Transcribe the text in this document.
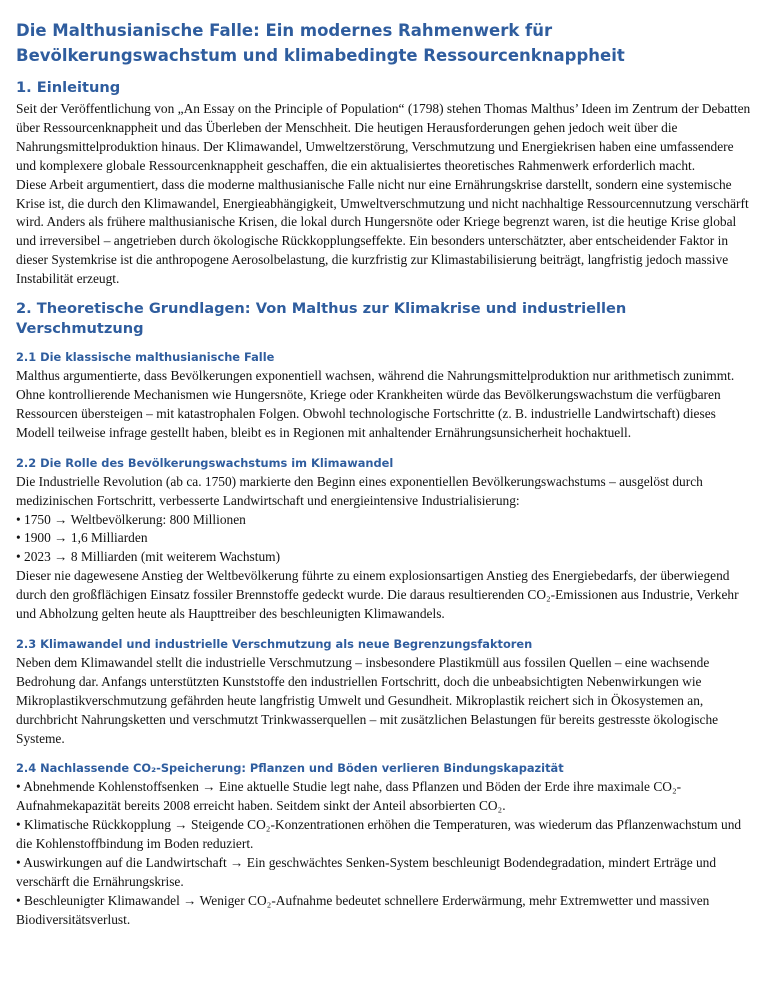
Die Malthusianische Falle: Ein modernes Rahmenwerk für Bevölkerungswachstum und klimabedingte Ressourcenknappheit
1. Einleitung

Seit der Veröffentlichung von „An Essay on the Principle of Population“ (1798) stehen Thomas Malthus’ Ideen im Zentrum der Debatten über Ressourcenknappheit und das Überleben der Menschheit. Die heutigen Herausforderungen gehen jedoch weit über die Nahrungsmittelproduktion hinaus. Der Klimawandel, Umweltzerstörung, Verschmutzung und Energiekrisen haben eine umfassendere und komplexere globale Ressourcenknappheit geschaffen, die ein aktualisiertes theoretisches Rahmenwerk erforderlich macht.

Diese Arbeit argumentiert, dass die moderne malthusianische Falle nicht nur eine Ernährungskrise darstellt, sondern eine systemische Krise ist, die durch den Klimawandel, Energieabhängigkeit, Umweltverschmutzung und nicht nachhaltige Ressourcennutzung verschärft wird. Anders als frühere malthusianische Krisen, die lokal durch Hungersnöte oder Kriege begrenzt waren, ist die heutige Krise global und irreversibel – angetrieben durch ökologische Rückkopplungseffekte. Ein besonders unterschätzter, aber entscheidender Faktor in dieser Systemkrise ist die anthropogene Aerosolbelastung, die kurzfristig zur Klimastabilisierung beiträgt, langfristig jedoch massive Instabilität erzeugt.

2. Theoretische Grundlagen: Von Malthus zur Klimakrise und industriellen Verschmutzung
2.1 Die klassische malthusianische Falle

Malthus argumentierte, dass Bevölkerungen exponentiell wachsen, während die Nahrungsmittelproduktion nur arithmetisch zunimmt. Ohne kontrollierende Mechanismen wie Hungersnöte, Kriege oder Krankheiten würde das Bevölkerungswachstum die verfügbaren Ressourcen übersteigen – mit katastrophalen Folgen. Obwohl technologische Fortschritte (z. B. industrielle Landwirtschaft) dieses Modell teilweise infrage gestellt haben, bleibt es in Regionen mit anhaltender Ernährungsunsicherheit hochaktuell.

2.2 Die Rolle des Bevölkerungswachstums im Klimawandel

Die Industrielle Revolution (ab ca. 1750) markierte den Beginn eines exponentiellen Bevölkerungswachstums – ausgelöst durch medizinischen Fortschritt, verbesserte Landwirtschaft und energieintensive Industrialisierung:

• 1750 → Weltbevölkerung: 800 Millionen

• 1900 → 1,6 Milliarden

• 2023 → 8 Milliarden (mit weiterem Wachstum)

Dieser nie dagewesene Anstieg der Weltbevölkerung führte zu einem explosionsartigen Anstieg des Energiebedarfs, der überwiegend durch den großflächigen Einsatz fossiler Brennstoffe gedeckt wurde. Die daraus resultierenden CO₂-Emissionen aus Industrie, Verkehr und Abholzung gelten heute als Haupttreiber des beschleunigten Klimawandels.

2.3 Klimawandel und industrielle Verschmutzung als neue Begrenzungsfaktoren

Neben dem Klimawandel stellt die industrielle Verschmutzung – insbesondere Plastikmüll aus fossilen Quellen – eine wachsende Bedrohung dar. Anfangs unterstützten Kunststoffe den industriellen Fortschritt, doch die unbeabsichtigten Nebenwirkungen wie Mikroplastikverschmutzung gefährden heute langfristig Umwelt und Gesundheit. Mikroplastik reichert sich in Ökosystemen an, durchbricht Nahrungsketten und verschmutzt Trinkwasserquellen – mit zusätzlichen Belastungen für bereits gestresste ökologische Systeme.

2.4 Nachlassende CO₂-Speicherung: Pflanzen und Böden verlieren Bindungskapazität

• Abnehmende Kohlenstoffsenken → Eine aktuelle Studie legt nahe, dass Pflanzen und Böden der Erde ihre maximale CO₂-Aufnahmekapazität bereits 2008 erreicht haben. Seitdem sinkt der Anteil absorbierten CO₂.

• Klimatische Rückkopplung → Steigende CO₂-Konzentrationen erhöhen die Temperaturen, was wiederum das Pflanzenwachstum und die Kohlenstoffbindung im Boden reduziert.

• Auswirkungen auf die Landwirtschaft → Ein geschwächtes Senken-System beschleunigt Bodendegradation, mindert Erträge und verschärft die Ernährungskrise.

• Beschleunigter Klimawandel → Weniger CO₂-Aufnahme bedeutet schnellere Erderwärmung, mehr Extremwetter und massiven Biodiversitätsverlust.
